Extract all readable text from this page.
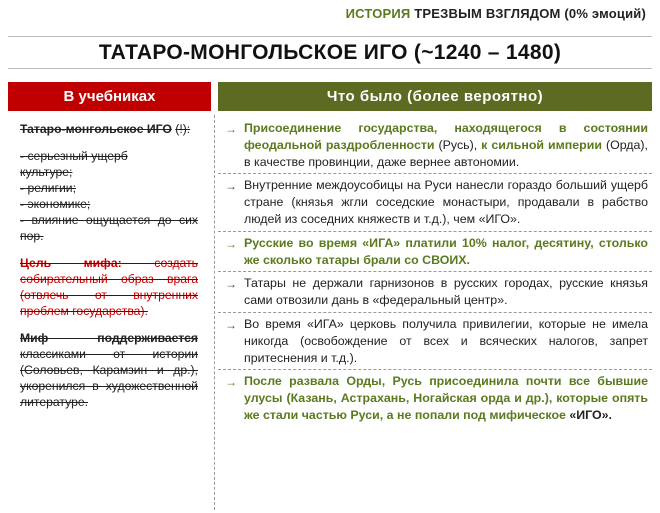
ИСТОРИЯ ТРЕЗВЫМ ВЗГЛЯДОМ (0% эмоций)
ТАТАРО-МОНГОЛЬСКОЕ ИГО (~1240 – 1480)
В учебниках	Что было (более вероятно)
Татаро-монгольское ИГО (!):
- серьезный ущерб
культуре;
- религии;
- экономике;
- влияние ощущается до сих пор.
Цель мифа:	создать собирательный образ врага (отвлечь от внутренних проблем государства).
Миф поддерживается классиками от истории (Соловьев, Карамзин и др.), укоренился в художественной литературе.
→ Присоединение государства, находящегося в состоянии феодальной раздробленности (Русь), к сильной империи (Орда), в качестве провинции, даже вернее автономии.
→ Внутренние междоусобицы на Руси нанесли гораздо больший ущерб стране (князья жгли соседские монастыри, продавали в рабство людей из соседних княжеств и т.д.), чем «ИГО».
→ Русские во время «ИГА» платили 10% налог, десятину, столько же сколько татары брали со СВОИХ.
→ Татары не держали гарнизонов в русских городах, русские князья сами отвозили дань в «федеральный центр».
→ Во время «ИГА» церковь получила привилегии, которые не имела никогда (освобождение от всех и всяческих налогов, запрет притеснения и т.д.).
→ После развала Орды, Русь присоединила почти все бывшие улусы (Казань, Астрахань, Ногайская орда и др.), которые опять же стали частью Руси, а не попали под мифическое «ИГО».
